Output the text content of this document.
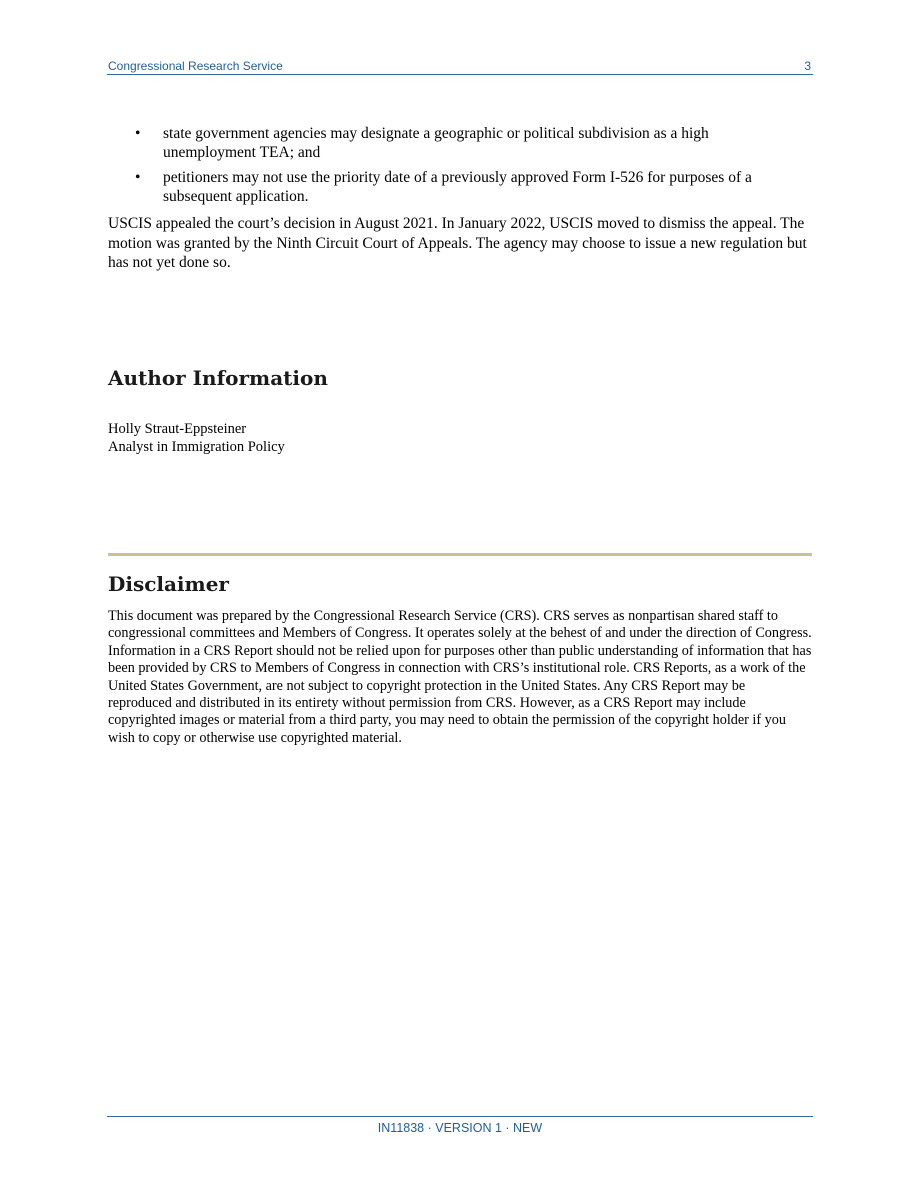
Congressional Research Service	3
• state government agencies may designate a geographic or political subdivision as a high unemployment TEA; and
• petitioners may not use the priority date of a previously approved Form I-526 for purposes of a subsequent application.

USCIS appealed the court’s decision in August 2021. In January 2022, USCIS moved to dismiss the appeal. The motion was granted by the Ninth Circuit Court of Appeals. The agency may choose to issue a new regulation but has not yet done so.

Author Information
Holly Straut-Eppsteiner
Analyst in Immigration Policy
Disclaimer

This document was prepared by the Congressional Research Service (CRS). CRS serves as nonpartisan shared staff to congressional committees and Members of Congress. It operates solely at the behest of and under the direction of Congress. Information in a CRS Report should not be relied upon for purposes other than public understanding of information that has been provided by CRS to Members of Congress in connection with CRS’s institutional role. CRS Reports, as a work of the United States Government, are not subject to copyright protection in the United States. Any CRS Report may be reproduced and distributed in its entirety without permission from CRS. However, as a CRS Report may include copyrighted images or material from a third party, you may need to obtain the permission of the copyright holder if you wish to copy or otherwise use copyrighted material.

IN11838 · VERSION 1 · NEW
